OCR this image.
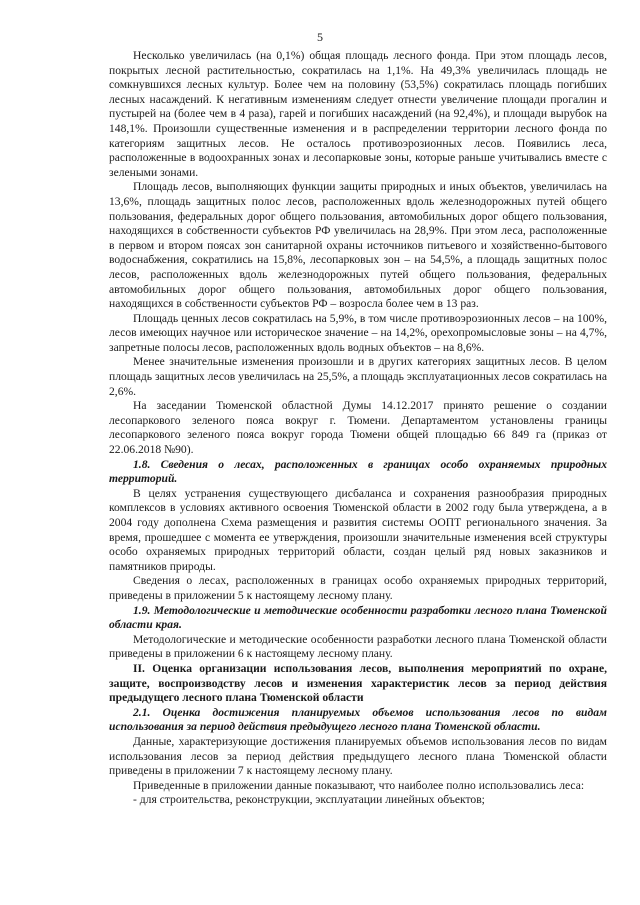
5

Несколько увеличилась (на 0,1%) общая площадь лесного фонда. При этом площадь лесов, покрытых лесной растительностью, сократилась на 1,1%. На 49,3% увеличилась площадь не сомкнувшихся лесных культур. Более чем на половину (53,5%) сократилась площадь погибших лесных насаждений. К негативным изменениям следует отнести увеличение площади прогалин и пустырей на (более чем в 4 раза), гарей и погибших насаждений (на 92,4%), и площади вырубок на 148,1%. Произошли существенные изменения и в распределении территории лесного фонда по категориям защитных лесов. Не осталось противоэрозионных лесов. Появились леса, расположенные в водоохранных зонах и лесопарковые зоны, которые раньше учитывались вместе с зелеными зонами.

Площадь лесов, выполняющих функции защиты природных и иных объектов, увеличилась на 13,6%, площадь защитных полос лесов, расположенных вдоль железнодорожных путей общего пользования, федеральных дорог общего пользования, автомобильных дорог общего пользования, находящихся в собственности субъектов РФ увеличилась на 28,9%. При этом леса, расположенные в первом и втором поясах зон санитарной охраны источников питьевого и хозяйственно-бытового водоснабжения, сократились на 15,8%, лесопарковых зон – на 54,5%, а площадь защитных полос лесов, расположенных вдоль железнодорожных путей общего пользования, федеральных автомобильных дорог общего пользования, автомобильных дорог общего пользования, находящихся в собственности субъектов РФ – возросла более чем в 13 раз.

Площадь ценных лесов сократилась на 5,9%, в том числе противоэрозионных лесов – на 100%, лесов имеющих научное или историческое значение – на 14,2%, орехопромысловые зоны – на 4,7%, запретные полосы лесов, расположенных вдоль водных объектов – на 8,6%.

Менее значительные изменения произошли и в других категориях защитных лесов. В целом площадь защитных лесов увеличилась на 25,5%, а площадь эксплуатационных лесов сократилась на 2,6%.

На заседании Тюменской областной Думы 14.12.2017 принято решение о создании лесопаркового зеленого пояса вокруг г. Тюмени. Департаментом установлены границы лесопаркового зеленого пояса вокруг города Тюмени общей площадью 66 849 га (приказ от 22.06.2018 №90).

1.8. Сведения о лесах, расположенных в границах особо охраняемых природных территорий.

В целях устранения существующего дисбаланса и сохранения разнообразия природных комплексов в условиях активного освоения Тюменской области в 2002 году была утверждена, а в 2004 году дополнена Схема размещения и развития системы ООПТ регионального значения. За время, прошедшее с момента ее утверждения, произошли значительные изменения всей структуры особо охраняемых природных территорий области, создан целый ряд новых заказников и памятников природы.

Сведения о лесах, расположенных в границах особо охраняемых природных территорий, приведены в приложении 5 к настоящему лесному плану.

1.9. Методологические и методические особенности разработки лесного плана Тюменской области края.

Методологические и методические особенности разработки лесного плана Тюменской области приведены в приложении 6 к настоящему лесному плану.

II. Оценка организации использования лесов, выполнения мероприятий по охране, защите, воспроизводству лесов и изменения характеристик лесов за период действия предыдущего лесного плана Тюменской области

2.1. Оценка достижения планируемых объемов использования лесов по видам использования за период действия предыдущего лесного плана Тюменской области.

Данные, характеризующие достижения планируемых объемов использования лесов по видам использования лесов за период действия предыдущего лесного плана Тюменской области приведены в приложении 7 к настоящему лесному плану.

Приведенные в приложении данные показывают, что наиболее полно использовались леса:

- для строительства, реконструкции, эксплуатации линейных объектов;
